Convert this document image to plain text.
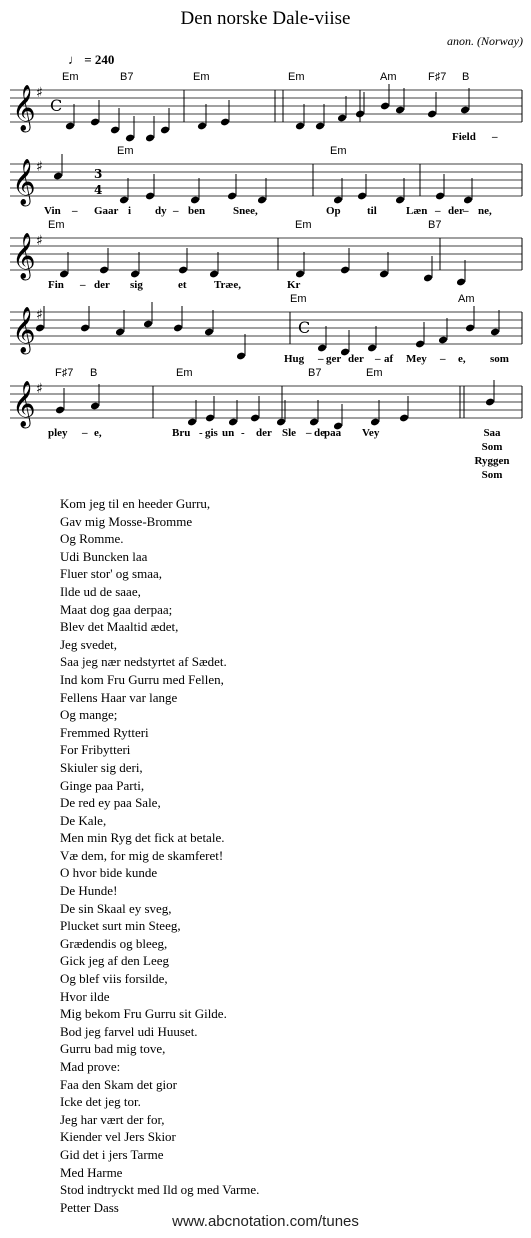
Den norske Dale-viise
anon. (Norway)
♩ = 240
𝄞 ♯
𝄞 ♯
𝄞 ♯
𝄞 ♯
𝄞 ♯
C
3
4
C
Em	B7	Em	Em	Am	F♯7 B
Em	Em
Em	Em	B7
Em	Am
F♯7 B	Em	B7	Em
Field –
Vin – Gaar i dy – ben	Snee,	Op til	Læn – der – ne,
Fin – der sig	et Træe,	Kr
Hug – ger der – af Mey – e, som
pley – e,	Bru - gis un - der Sle – de paa Vey	Saa
Som
Ryggen
Som
Kom jeg til en heeder Gurru,
Gav mig Mosse-Bromme
Og Romme.
Udi Buncken laa
Fluer stor' og smaa,
Ilde ud de saae,
Maat dog gaa derpaa;
Blev det Maaltid ædet,
Jeg svedet,
Saa jeg nær nedstyrtet af Sædet.
Ind kom Fru Gurru med Fellen,
Fellens Haar var lange
Og mange;
Fremmed Rytteri
For Fribytteri
Skiuler sig deri,
Ginge paa Parti,
De red ey paa Sale,
De Kale,
Men min Ryg det fick at betale.
Væ dem, for mig de skamferet!
O hvor bide kunde
De Hunde!
De sin Skaal ey sveg,
Plucket surt min Steeg,
Grædendis og bleeg,
Gick jeg af den Leeg
Og blef viis forsilde,
Hvor ilde
Mig bekom Fru Gurru sit Gilde.
Bod jeg farvel udi Huuset.
Gurru bad mig tove,
Mad prove:
Faa den Skam det gior
Icke det jeg tor.
Jeg har vært der for,
Kiender vel Jers Skior
Gid det i jers Tarme
Med Harme
Stod indtryckt med Ild og med Varme.
Petter Dass
www.abcnotation.com/tunes
